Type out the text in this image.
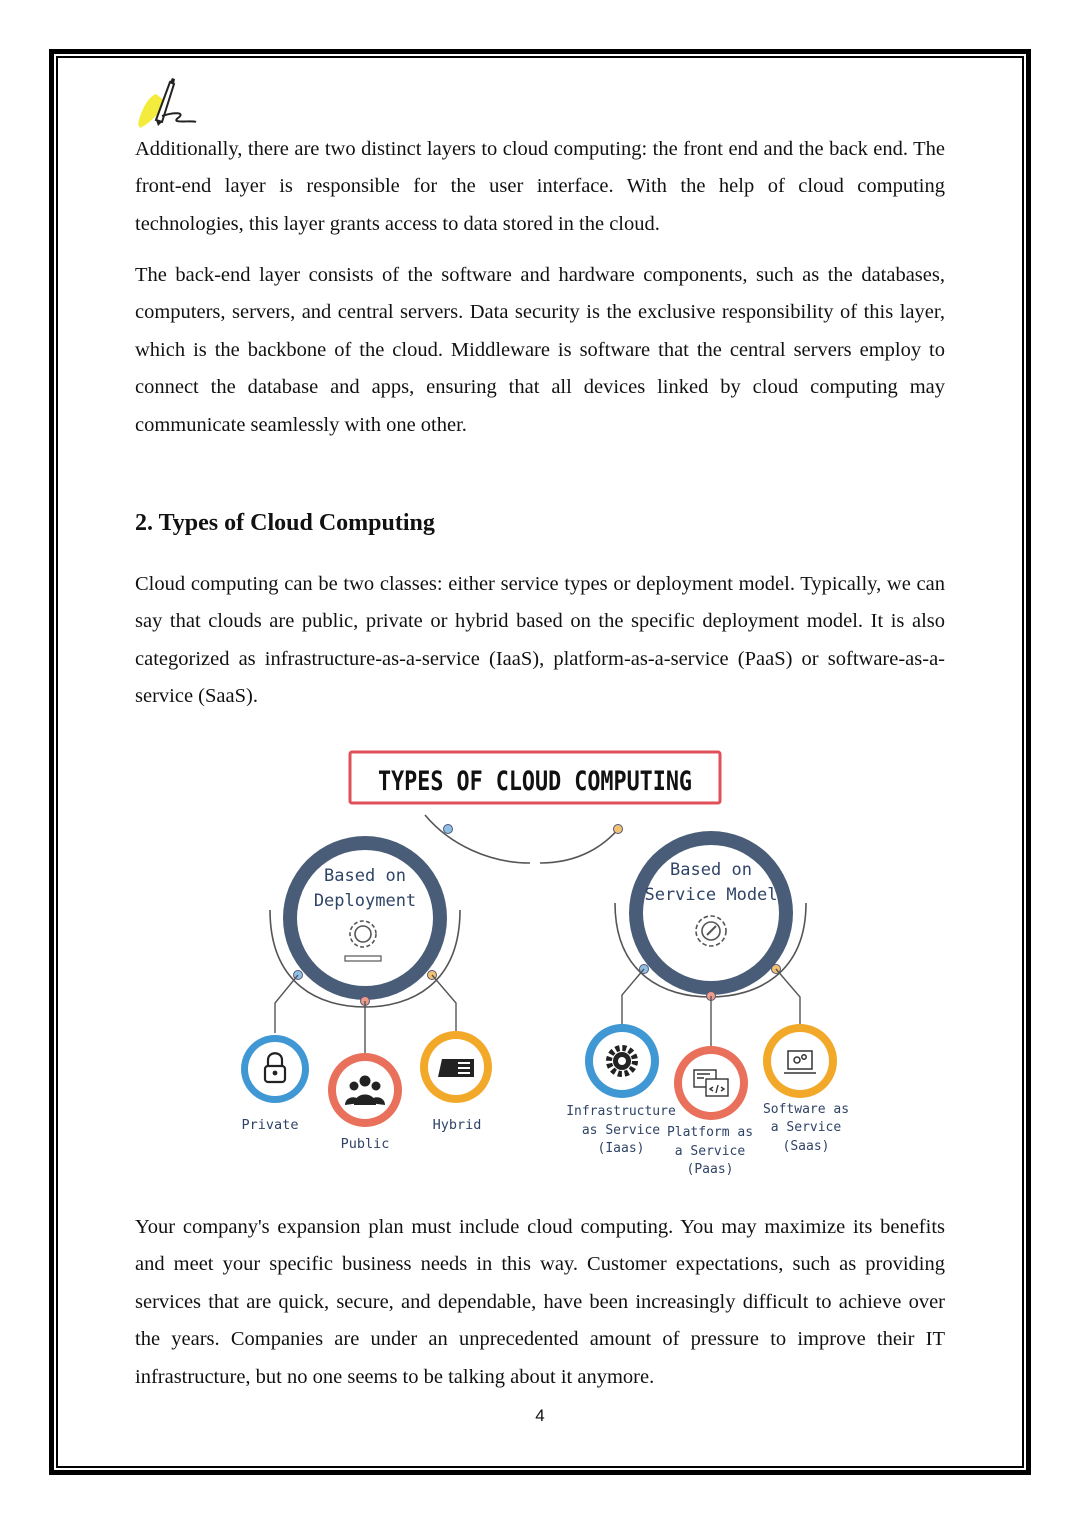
Additionally, there are two distinct layers to cloud computing: the front end and the back end. The front-end layer is responsible for the user interface. With the help of cloud computing technologies, this layer grants access to data stored in the cloud.

The back-end layer consists of the software and hardware components, such as the databases, computers, servers, and central servers. Data security is the exclusive responsibility of this layer, which is the backbone of the cloud. Middleware is software that the central servers employ to connect the database and apps, ensuring that all devices linked by cloud computing may communicate seamlessly with one other.

2. Types of Cloud Computing

Cloud computing can be two classes: either service types or deployment model. Typically, we can say that clouds are public, private or hybrid based on the specific deployment model. It is also categorized as infrastructure-as-a-service (IaaS), platform-as-a-service (PaaS) or software-as-a-service (SaaS).

TYPES OF CLOUD COMPUTING
Based on
Deployment
Private
Public
Hybrid
Based on
Service Model
Infrastructure
as Service
(Iaas)
Platform as
a Service
(Paas)
Software as
a Service
(Saas)

Your company's expansion plan must include cloud computing. You may maximize its benefits and meet your specific business needs in this way. Customer expectations, such as providing services that are quick, secure, and dependable, have been increasingly difficult to achieve over the years. Companies are under an unprecedented amount of pressure to improve their IT infrastructure, but no one seems to be talking about it anymore.

4
